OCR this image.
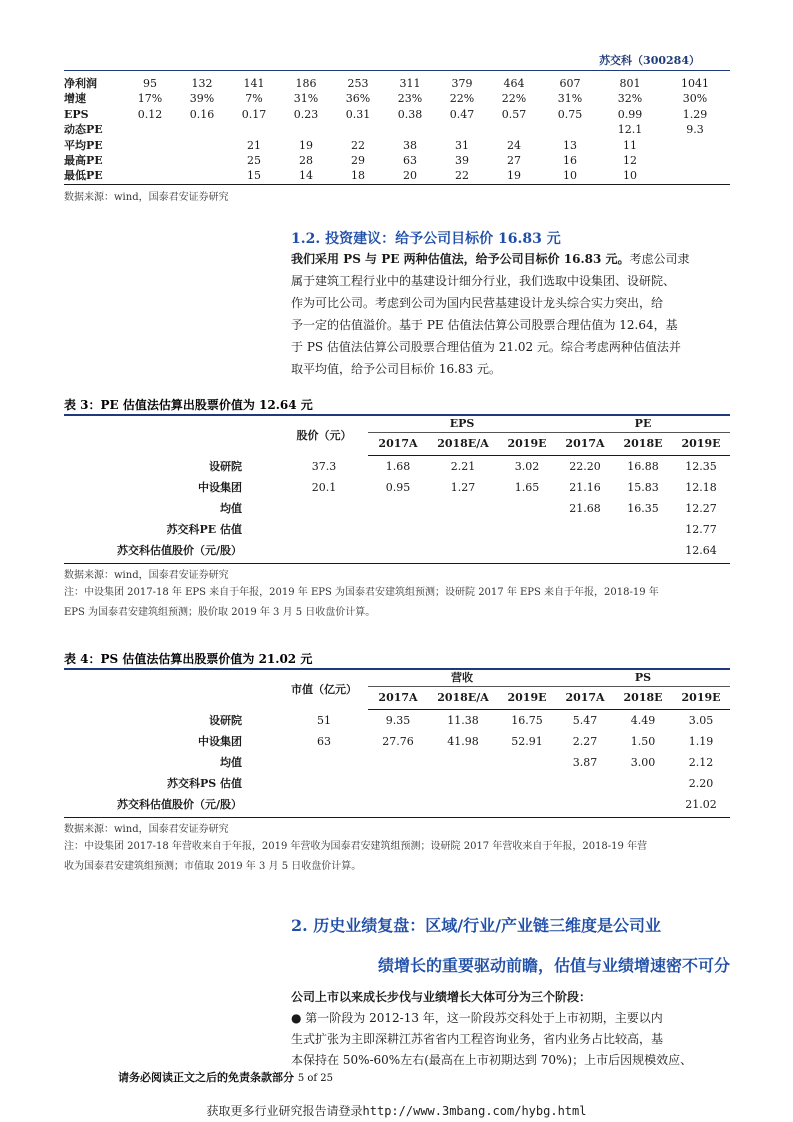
苏交科（300284）
净利润	95	132	141	186	253	311	379	464	607	801	1041
增速	17%	39%	7%	31%	36%	23%	22%	22%	31%	32%	30%
EPS	0.12	0.16	0.17	0.23	0.31	0.38	0.47	0.57	0.75	0.99	1.29
动态PE										12.1	9.3
平均PE			21	19	22	38	31	24	13	11	
最高PE			25	28	29	63	39	27	16	12	
最低PE			15	14	18	20	22	19	10	10	
数据来源：wind，国泰君安证券研究
1.2. 投资建议：给予公司目标价 16.83 元
我们采用 PS 与 PE 两种估值法，给予公司目标价 16.83 元。考虑公司隶
属于建筑工程行业中的基建设计细分行业，我们选取中设集团、设研院、
作为可比公司。考虑到公司为国内民营基建设计龙头综合实力突出，给
予一定的估值溢价。基于 PE 估值法估算公司股票合理估值为 12.64，基
于 PS 估值法估算公司股票合理估值为 21.02 元。综合考虑两种估值法并
取平均值，给予公司目标价 16.83 元。
表 3：PE 估值法估算出股票价值为 12.64 元
	股价（元）	EPS			PE		
		2017A	2018E/A	2019E	2017A	2018E	2019E
设研院	37.3	1.68	2.21	3.02	22.20	16.88	12.35
中设集团	20.1	0.95	1.27	1.65	21.16	15.83	12.18
均值					21.68	16.35	12.27
苏交科PE 估值							12.77
苏交科估值股价（元/股）							12.64
数据来源：wind，国泰君安证券研究
注：中设集团 2017-18 年 EPS 来自于年报，2019 年 EPS 为国泰君安建筑组预测；设研院 2017 年 EPS 来自于年报，2018-19 年
EPS 为国泰君安建筑组预测；股价取 2019 年 3 月 5 日收盘价计算。
表 4：PS 估值法估算出股票价值为 21.02 元
	市值（亿元）	营收			PS		
		2017A	2018E/A	2019E	2017A	2018E	2019E
设研院	51	9.35	11.38	16.75	5.47	4.49	3.05
中设集团	63	27.76	41.98	52.91	2.27	1.50	1.19
均值					3.87	3.00	2.12
苏交科PS 估值							2.20
苏交科估值股价（元/股）							21.02
数据来源：wind，国泰君安证券研究
注：中设集团 2017-18 年营收来自于年报，2019 年营收为国泰君安建筑组预测；设研院 2017 年营收来自于年报，2018-19 年营
收为国泰君安建筑组预测；市值取 2019 年 3 月 5 日收盘价计算。
2. 历史业绩复盘：区域/行业/产业链三维度是公司业
绩增长的重要驱动前瞻，估值与业绩增速密不可分
公司上市以来成长步伐与业绩增长大体可分为三个阶段：
● 第一阶段为 2012-13 年，这一阶段苏交科处于上市初期，主要以内
生式扩张为主即深耕江苏省省内工程咨询业务，省内业务占比较高，基
本保持在 50%-60%左右(最高在上市初期达到 70%)；上市后因规模效应、
请务必阅读正文之后的免责条款部分 5 of 25
获取更多行业研究报告请登录http://www.3mbang.com/hybg.html
